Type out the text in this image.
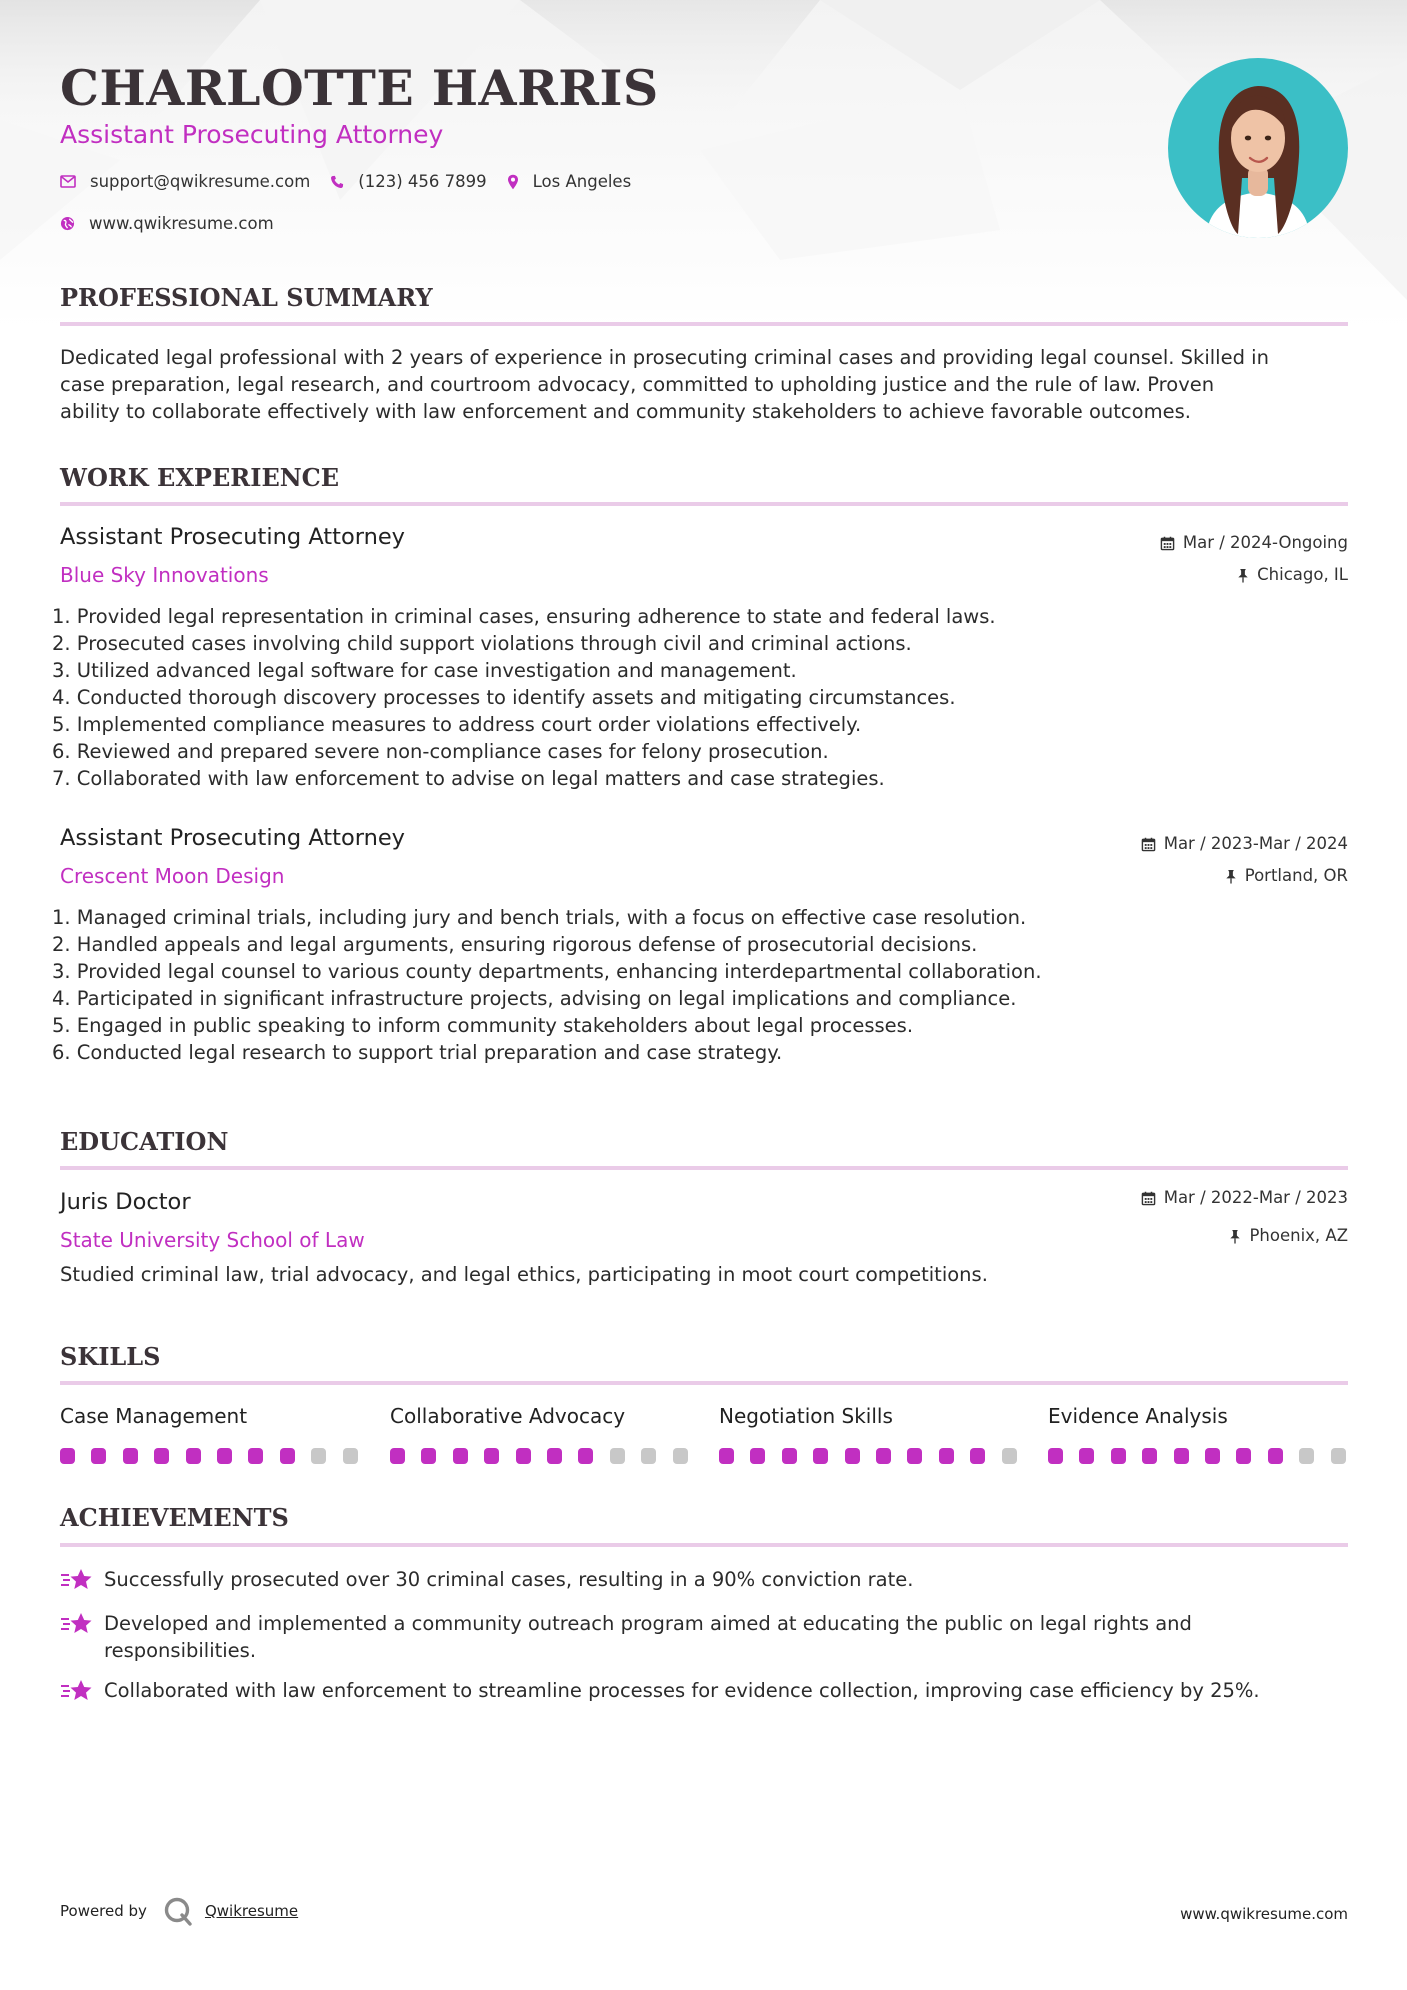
CHARLOTTE HARRIS
Assistant Prosecuting Attorney
support@qwikresume.com	(123) 456 7899	Los Angeles
www.qwikresume.com
PROFESSIONAL SUMMARY
Dedicated legal professional with 2 years of experience in prosecuting criminal cases and providing legal counsel. Skilled in
case preparation, legal research, and courtroom advocacy, committed to upholding justice and the rule of law. Proven
ability to collaborate effectively with law enforcement and community stakeholders to achieve favorable outcomes.
WORK EXPERIENCE
Assistant Prosecuting Attorney
Blue Sky Innovations
Mar / 2024-Ongoing
Chicago, IL
1. Provided legal representation in criminal cases, ensuring adherence to state and federal laws.
2. Prosecuted cases involving child support violations through civil and criminal actions.
3. Utilized advanced legal software for case investigation and management.
4. Conducted thorough discovery processes to identify assets and mitigating circumstances.
5. Implemented compliance measures to address court order violations effectively.
6. Reviewed and prepared severe non-compliance cases for felony prosecution.
7. Collaborated with law enforcement to advise on legal matters and case strategies.
Assistant Prosecuting Attorney
Crescent Moon Design
Mar / 2023-Mar / 2024
Portland, OR
1. Managed criminal trials, including jury and bench trials, with a focus on effective case resolution.
2. Handled appeals and legal arguments, ensuring rigorous defense of prosecutorial decisions.
3. Provided legal counsel to various county departments, enhancing interdepartmental collaboration.
4. Participated in significant infrastructure projects, advising on legal implications and compliance.
5. Engaged in public speaking to inform community stakeholders about legal processes.
6. Conducted legal research to support trial preparation and case strategy.
EDUCATION
Juris Doctor
State University School of Law
Mar / 2022-Mar / 2023
Phoenix, AZ
Studied criminal law, trial advocacy, and legal ethics, participating in moot court competitions.
SKILLS
Case Management	Collaborative Advocacy	Negotiation Skills	Evidence Analysis
ACHIEVEMENTS
Successfully prosecuted over 30 criminal cases, resulting in a 90% conviction rate.
Developed and implemented a community outreach program aimed at educating the public on legal rights and responsibilities.
Collaborated with law enforcement to streamline processes for evidence collection, improving case efficiency by 25%.
Powered by	Qwikresume	www.qwikresume.com
